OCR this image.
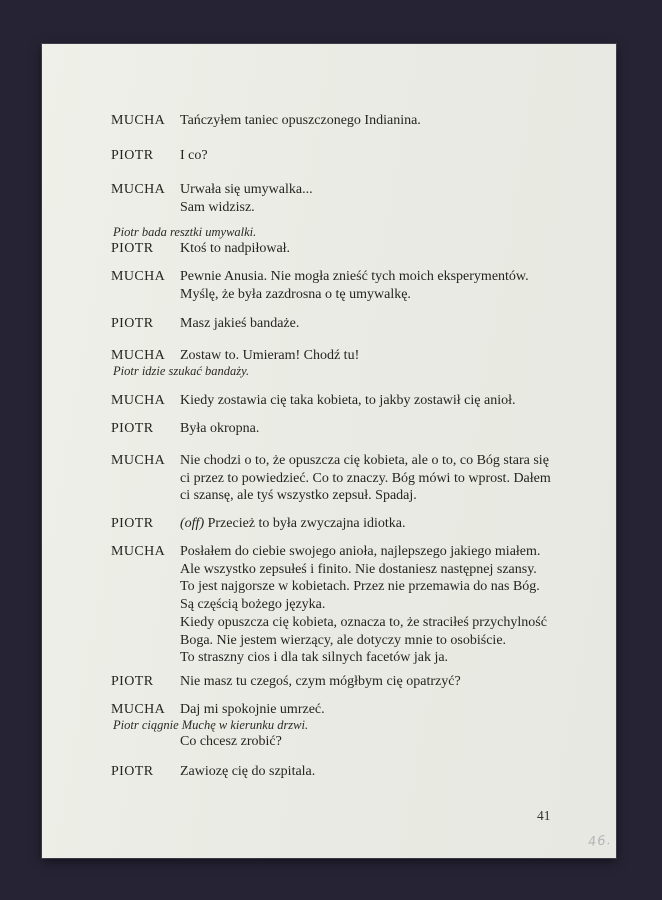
MUCHA Tańczyłem taniec opuszczonego Indianina.
PIOTR I co?
MUCHA Urwała się umywalka...
Sam widzisz.
Piotr bada resztki umywalki.
PIOTR Ktoś to nadpiłował.
MUCHA Pewnie Anusia. Nie mogła znieść tych moich eksperymentów.
Myślę, że była zazdrosna o tę umywalkę.
PIOTR Masz jakieś bandaże.
MUCHA Zostaw to. Umieram! Chodź tu!
Piotr idzie szukać bandaży.
MUCHA Kiedy zostawia cię taka kobieta, to jakby zostawił cię anioł.
PIOTR Była okropna.
MUCHA Nie chodzi o to, że opuszcza cię kobieta, ale o to, co Bóg stara się
ci przez to powiedzieć. Co to znaczy. Bóg mówi to wprost. Dałem
ci szansę, ale tyś wszystko zepsuł. Spadaj.
PIOTR (off) Przecież to była zwyczajna idiotka.
MUCHA Posłałem do ciebie swojego anioła, najlepszego jakiego miałem.
Ale wszystko zepsułeś i finito. Nie dostaniesz następnej szansy.
To jest najgorsze w kobietach. Przez nie przemawia do nas Bóg.
Są częścią bożego języka.
Kiedy opuszcza cię kobieta, oznacza to, że straciłeś przychylność
Boga. Nie jestem wierzący, ale dotyczy mnie to osobiście.
To straszny cios i dla tak silnych facetów jak ja.
PIOTR Nie masz tu czegoś, czym mógłbym cię opatrzyć?
MUCHA Daj mi spokojnie umrzeć.
Piotr ciągnie Muchę w kierunku drzwi.
Co chcesz zrobić?
PIOTR Zawiozę cię do szpitala.
41
46.
